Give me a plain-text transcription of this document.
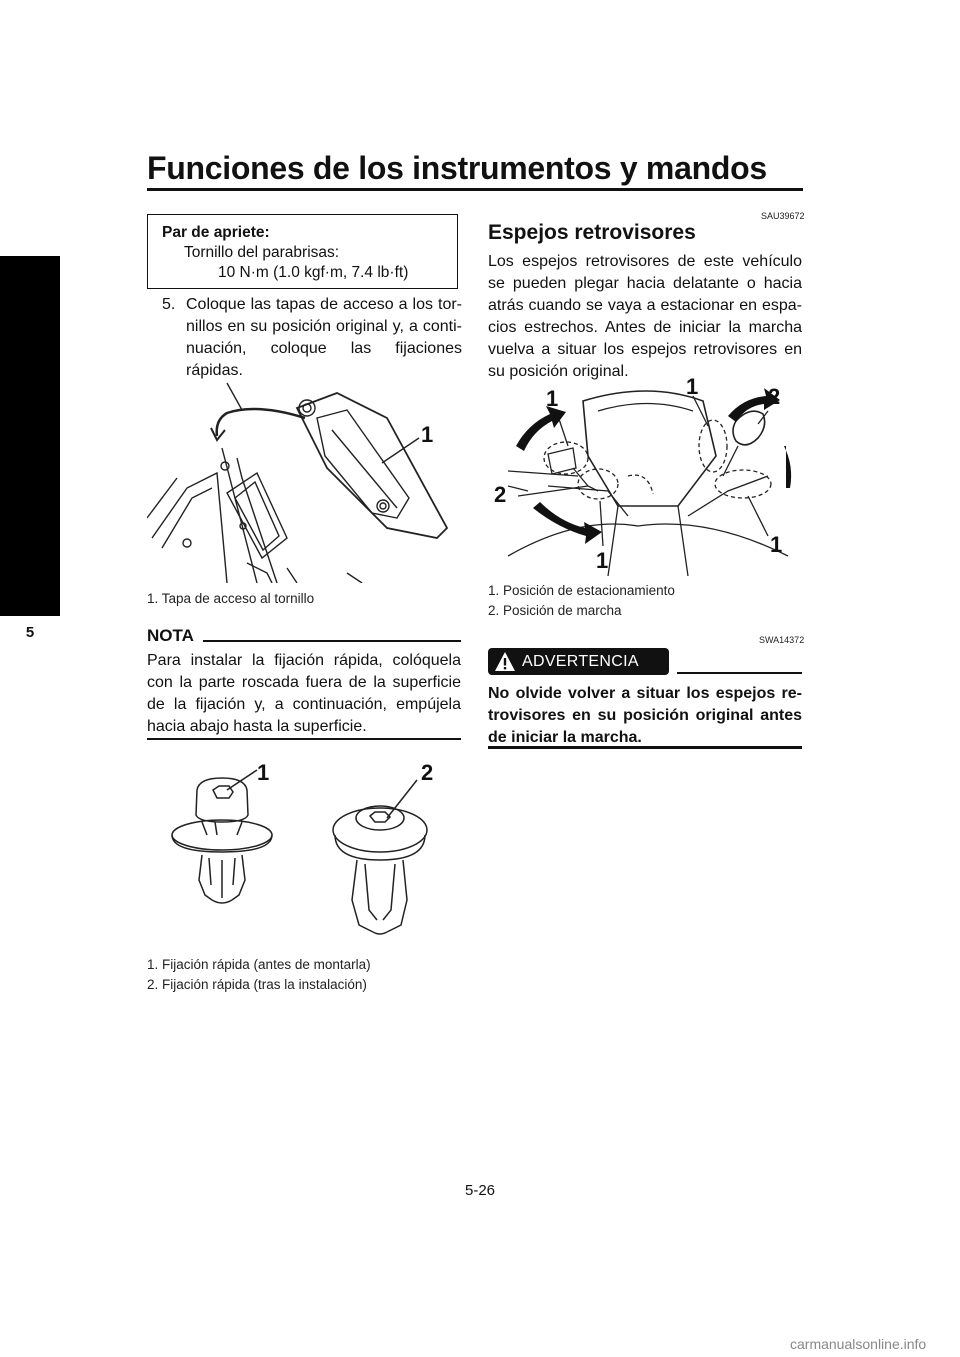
Funciones de los instrumentos y mandos
5
Par de apriete:
Tornillo del parabrisas:
10 N·m (1.0 kgf·m, 7.4 lb·ft)
5. Coloque las tapas de acceso a los tor-nillos en su posición original y, a conti-nuación, coloque las fijaciones rápidas.
1
1. Tapa de acceso al tornillo
NOTA
Para instalar la fijación rápida, colóquela con la parte roscada fuera de la superficie de la fijación y, a continuación, empújela hacia abajo hasta la superficie.
1	2
1. Fijación rápida (antes de montarla)
2. Fijación rápida (tras la instalación)
SAU39672
Espejos retrovisores
Los espejos retrovisores de este vehículo se pueden plegar hacia delatante o hacia atrás cuando se vaya a estacionar en espa-cios estrechos. Antes de iniciar la marcha vuelva a situar los espejos retrovisores en su posición original.
1	1	2
2
1
1
1. Posición de estacionamiento
2. Posición de marcha
SWA14372
ADVERTENCIA
No olvide volver a situar los espejos re-trovisores en su posición original antes de iniciar la marcha.
5-26
carmanualsonline.info
